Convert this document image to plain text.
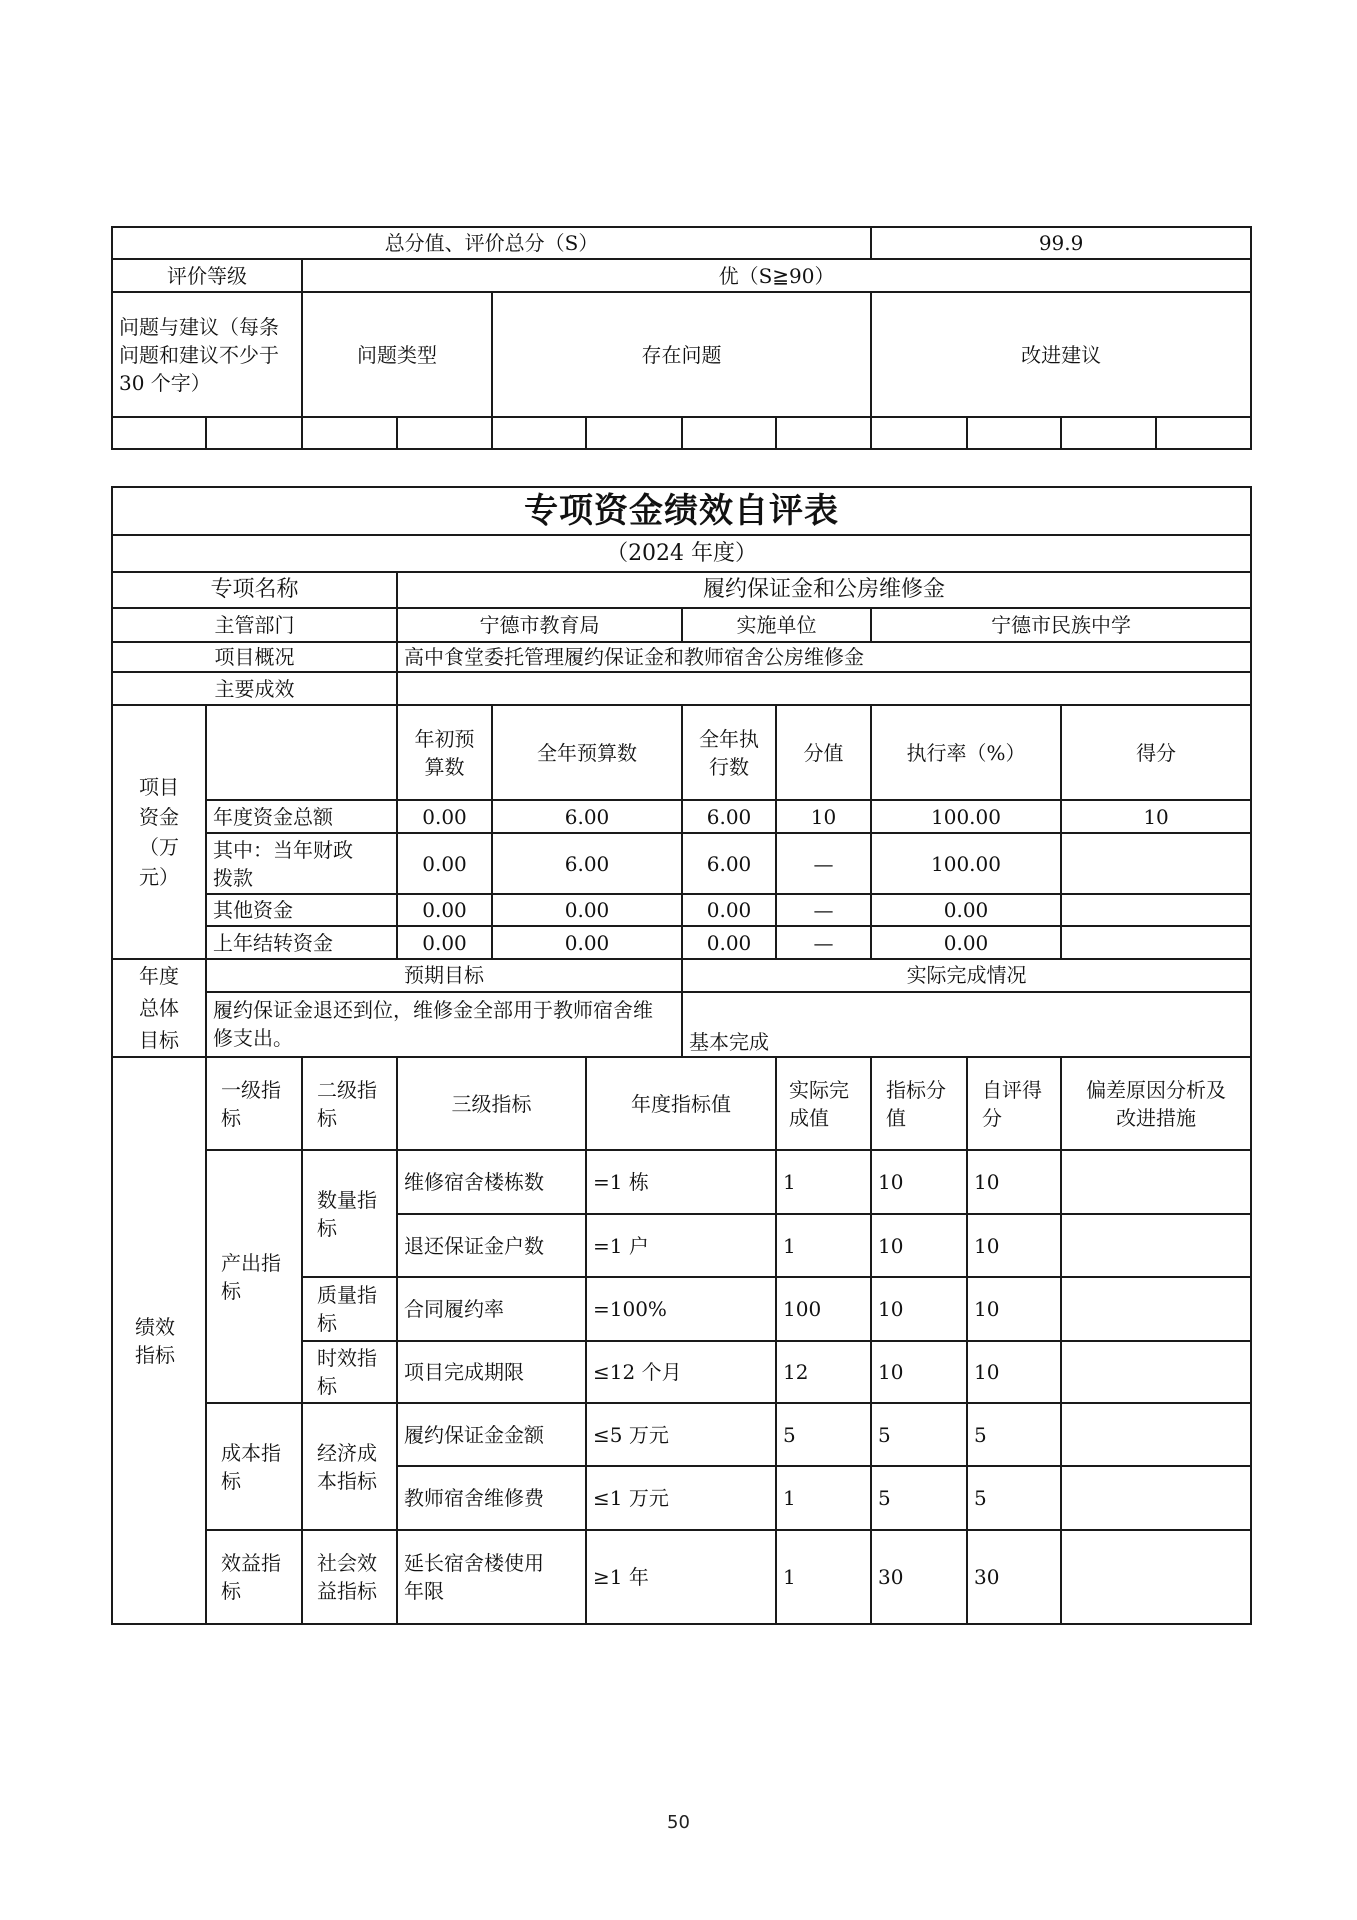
总分值、评价总分（S）								99.9			
评价等级		优（S≧90）									
问题与建议（每条问题和建议不少于 30 个字）		问题类型		存在问题				改进建议			

专项资金绩效自评表										
（2024 年度）										
专项名称			履约保证金和公房维修金							
主管部门			宁德市教育局			实施单位		宁德市民族中学		
项目概况			高中食堂委托管理履约保证金和教师宿舍公房维修金							
主要成效										
项目资金（万元）			年初预算数	全年预算数		全年执行数	分值	执行率（%）		得分
	年度资金总额		0.00	6.00		6.00	10	100.00		10
	其中：当年财政拨款		0.00	6.00		6.00	—	100.00		
	其他资金		0.00	0.00		0.00	—	0.00		
	上年结转资金		0.00	0.00		0.00	—	0.00		
年度总体目标	预期目标					实际完成情况				
	履约保证金退还到位，维修金全部用于教师宿舍维修支出。					基本完成				
绩效指标	一级指标	二级指标	三级指标		年度指标值		实际完成值	指标分值	自评得分	偏差原因分析及改进措施
	产出指标	数量指标	维修宿舍楼栋数		=1 栋		1	10	10	
			退还保证金户数		=1 户		1	10	10	
		质量指标	合同履约率		=100%		100	10	10	
		时效指标	项目完成期限		≤12 个月		12	10	10	
	成本指标	经济成本指标	履约保证金金额		≤5 万元		5	5	5	
			教师宿舍维修费		≤1 万元		1	5	5	
	效益指标	社会效益指标	延长宿舍楼使用年限		≥1 年		1	30	30	
50
